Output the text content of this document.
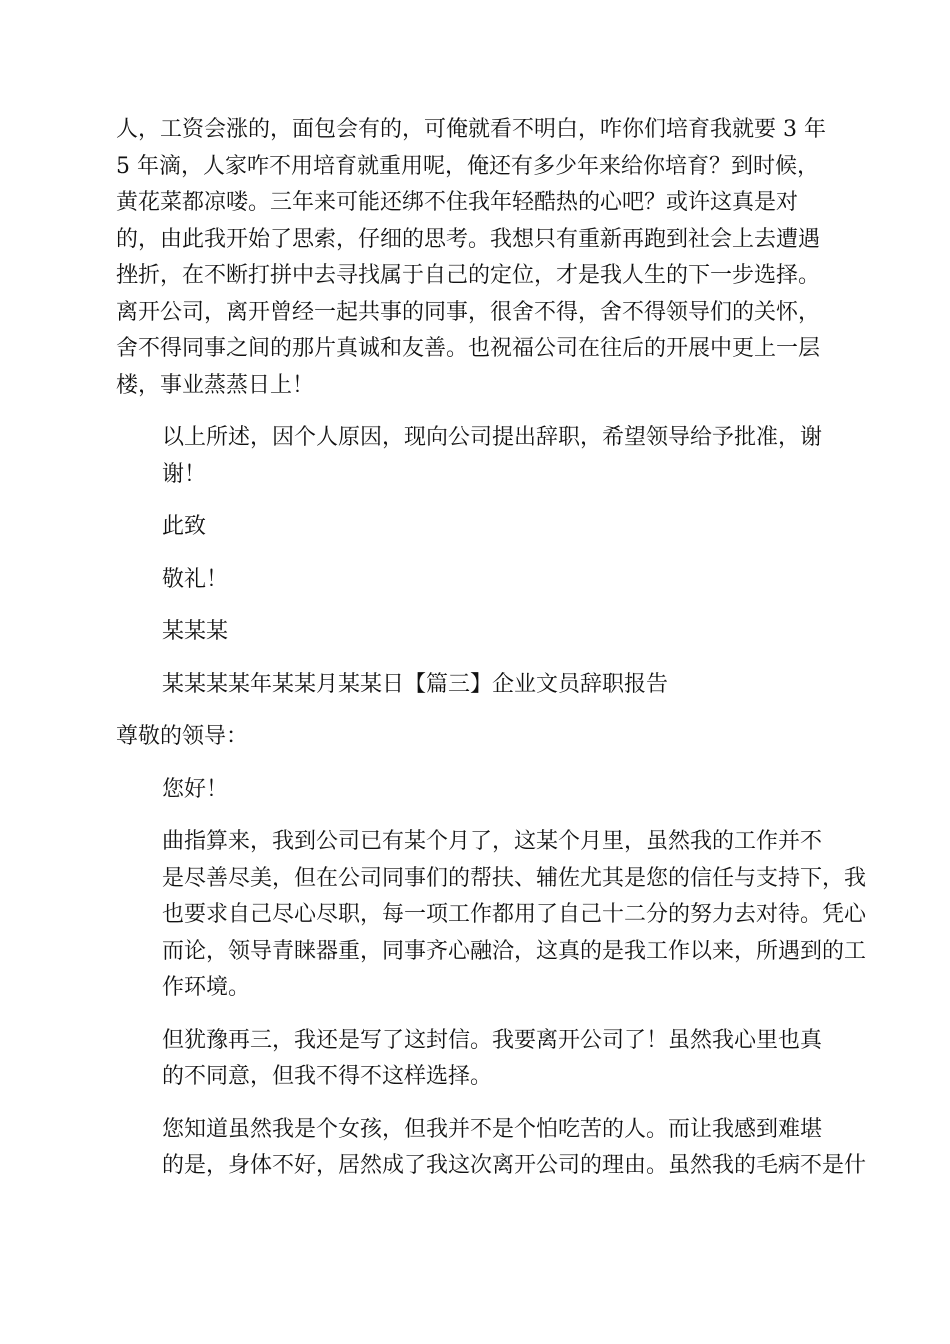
人，工资会涨的，面包会有的，可俺就看不明白，咋你们培育我就要 3 年
5 年滴，人家咋不用培育就重用呢，俺还有多少年来给你培育？到时候，
黄花菜都凉喽。三年来可能还绑不住我年轻酷热的心吧？或许这真是对
的，由此我开始了思索，仔细的思考。我想只有重新再跑到社会上去遭遇
挫折，在不断打拼中去寻找属于自己的定位，才是我人生的下一步选择。
离开公司，离开曾经一起共事的同事，很舍不得，舍不得领导们的关怀，
舍不得同事之间的那片真诚和友善。也祝福公司在往后的开展中更上一层
楼，事业蒸蒸日上！
以上所述，因个人原因，现向公司提出辞职，希望领导给予批准，谢
谢！
此致
敬礼！
某某某
某某某某年某某月某某日【篇三】企业文员辞职报告
尊敬的领导：
您好！
曲指算来，我到公司已有某个月了，这某个月里，虽然我的工作并不
是尽善尽美，但在公司同事们的帮扶、辅佐尤其是您的信任与支持下，我
也要求自己尽心尽职，每一项工作都用了自己十二分的努力去对待。凭心
而论，领导青睐器重，同事齐心融洽，这真的是我工作以来，所遇到的工
作环境。
但犹豫再三，我还是写了这封信。我要离开公司了！虽然我心里也真
的不同意，但我不得不这样选择。
您知道虽然我是个女孩，但我并不是个怕吃苦的人。而让我感到难堪
的是，身体不好，居然成了我这次离开公司的理由。虽然我的毛病不是什
